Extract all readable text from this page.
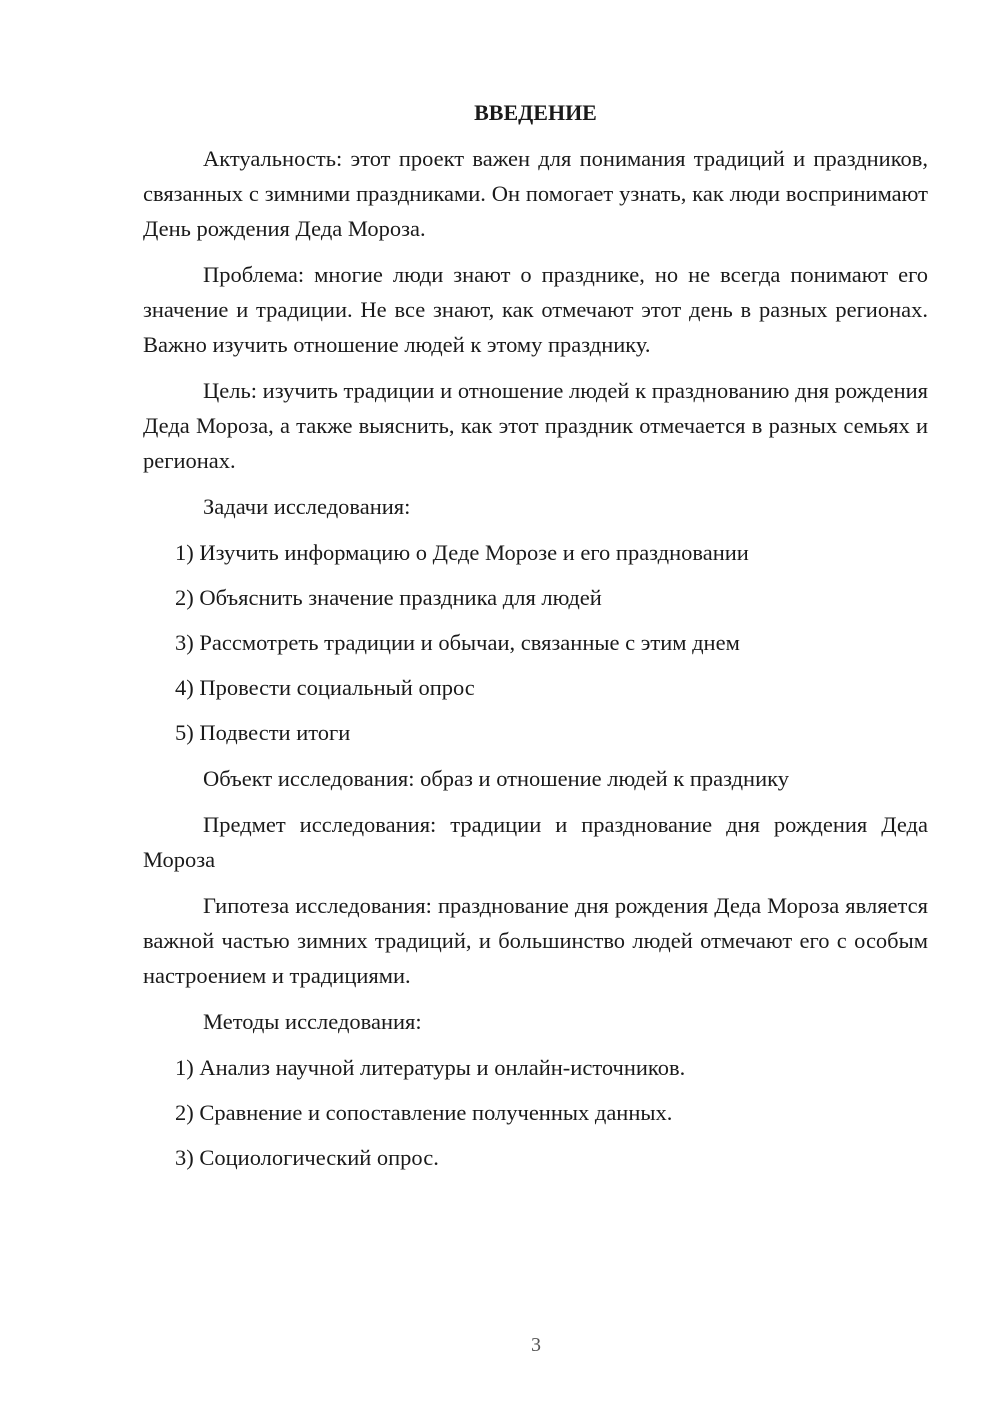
ВВЕДЕНИЕ

Актуальность: этот проект важен для понимания традиций и праздников, связанных с зимними праздниками. Он помогает узнать, как люди воспринимают День рождения Деда Мороза.

Проблема: многие люди знают о празднике, но не всегда понимают его значение и традиции. Не все знают, как отмечают этот день в разных регионах. Важно изучить отношение людей к этому празднику.

Цель: изучить традиции и отношение людей к празднованию дня рождения Деда Мороза, а также выяснить, как этот праздник отмечается в разных семьях и регионах.

Задачи исследования:

1) Изучить информацию о Деде Морозе и его праздновании
2) Объяснить значение праздника для людей
3) Рассмотреть традиции и обычаи, связанные с этим днем
4) Провести социальный опрос
5) Подвести итоги

Объект исследования: образ и отношение людей к празднику

Предмет исследования: традиции и празднование дня рождения Деда Мороза

Гипотеза исследования: празднование дня рождения Деда Мороза является важной частью зимних традиций, и большинство людей отмечают его с особым настроением и традициями.

Методы исследования:

1) Анализ научной литературы и онлайн-источников.
2) Сравнение и сопоставление полученных данных.
3) Социологический опрос.
3
